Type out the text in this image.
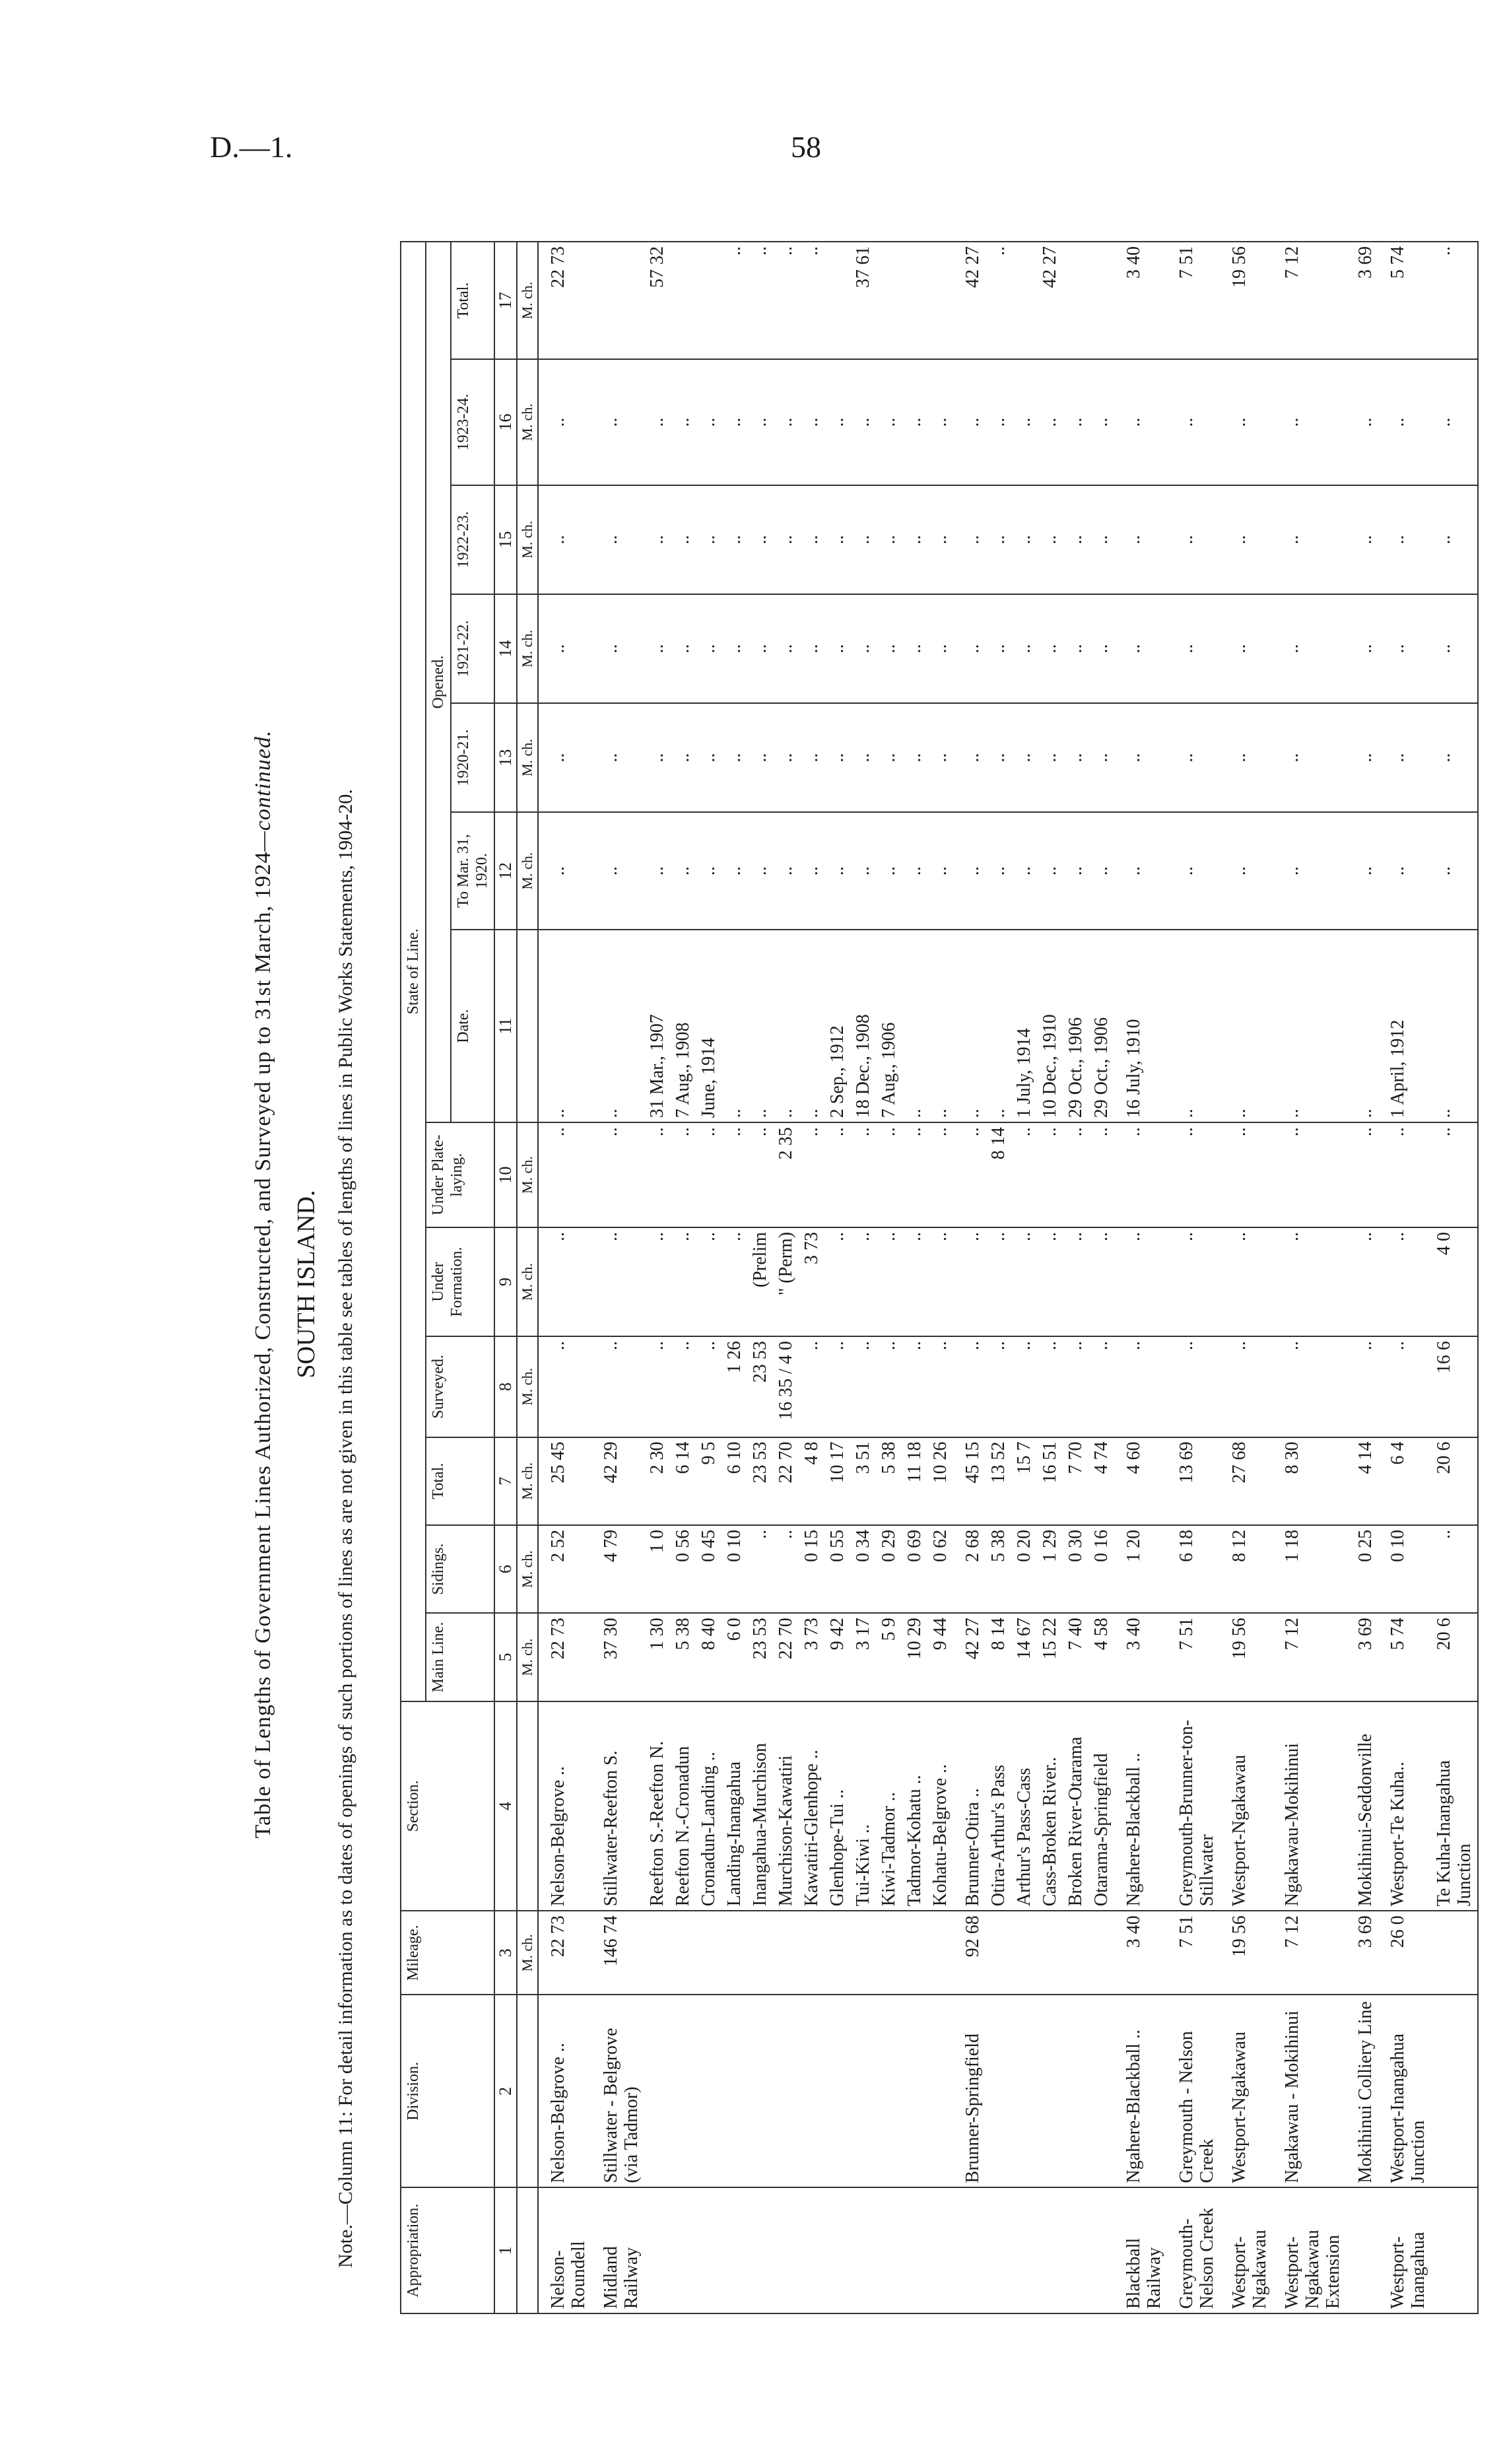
D.—1.	58
Table of Lengths of Government Lines Authorized, Constructed, and Surveyed up to 31st March, 1924—continued.
SOUTH ISLAND. Note.—Column 11: For detail information as to dates of openings of such portions of lines as are not given in this table see tables of lengths of lines in Public Works Statements, 1904-20.	Appropriation.	Division.	Mileage.	Section.	State of Line.												
				Main Line.	Sidings.	Total.	Surveyed.	Under Formation.	Under Plate-laying.	Opened.						
										Date.	To Mar. 31, 1920.	1920-21.	1921-22.	1922-23.	1923-24.	Total.
1	2	3	4	5	6	7	8	9	10	11	12	13	14	15	16	17
		M. ch.		M. ch.	M. ch.	M. ch.	M. ch.	M. ch.	M. ch.		M. ch.	M. ch.	M. ch.	M. ch.	M. ch.	M. ch.
Nelson-Roundell	Nelson-Belgrove ..	22 73	Nelson-Belgrove ..	22 73	2 52	25 45	..	..	..	..	..	..	..	..	..	22 73
Midland Railway	Stillwater - Belgrove (via Tadmor)	146 74	Stillwater-Reefton S.	37 30	4 79	42 29	..	..	..	..	..	..	..	..	..	
			Reefton S.-Reefton N.	1 30	1 0	2 30	..	..	..	31 Mar., 1907	..	..	..	..	..	57 32
			Reefton N.-Cronadun	5 38	0 56	6 14	..	..	..	7 Aug., 1908	..	..	..	..	..	
			Cronadun-Landing ..	8 40	0 45	9 5	..	..	..	June, 1914	..	..	..	..	..	
			Landing-Inangahua	6 0	0 10	6 10	1 26	..	..	..	..	..	..	..	..	..
			Inangahua-Murchison	23 53	..	23 53	23 53	(Prelim	..	..	..	..	..	..	..	..
			Murchison-Kawatiri	22 70	..	22 70	16 35 / 4 0	" (Perm)	2 35	..	..	..	..	..	..	..
			Kawatiri-Glenhope ..	3 73	0 15	4 8	..	3 73	..	..	..	..	..	..	..	..
			Glenhope-Tui ..	9 42	0 55	10 17	..	..	..	2 Sep., 1912	..	..	..	..	..	
			Tui-Kiwi ..	3 17	0 34	3 51	..	..	..	18 Dec., 1908	..	..	..	..	..	37 61
			Kiwi-Tadmor ..	5 9	0 29	5 38	..	..	..	7 Aug., 1906	..	..	..	..	..	
			Tadmor-Kohatu ..	10 29	0 69	11 18	..	..	..	..	..	..	..	..	..	
			Kohatu-Belgrove ..	9 44	0 62	10 26	..	..	..	..	..	..	..	..	..	
	Brunner-Springfield	92 68	Brunner-Otira ..	42 27	2 68	45 15	..	..	..	..	..	..	..	..	..	42 27
			Otira-Arthur's Pass	8 14	5 38	13 52	..	..	8 14	..	..	..	..	..	..	..
			Arthur's Pass-Cass	14 67	0 20	15 7	..	..	..	1 July, 1914	..	..	..	..	..	
			Cass-Broken River..	15 22	1 29	16 51	..	..	..	10 Dec., 1910	..	..	..	..	..	42 27
			Broken River-Otarama	7 40	0 30	7 70	..	..	..	29 Oct., 1906	..	..	..	..	..	
			Otarama-Springfield	4 58	0 16	4 74	..	..	..	29 Oct., 1906	..	..	..	..	..	
Blackball Railway	Ngahere-Blackball ..	3 40	Ngahere-Blackball ..	3 40	1 20	4 60	..	..	..	16 July, 1910	..	..	..	..	..	3 40
Greymouth-Nelson Creek	Greymouth - Nelson Creek	7 51	Greymouth-Brunner-ton-Stillwater	7 51	6 18	13 69	..	..	..	..	..	..	..	..	..	7 51
Westport-Ngakawau	Westport-Ngakawau	19 56	Westport-Ngakawau	19 56	8 12	27 68	..	..	..	..	..	..	..	..	..	19 56
Westport-Ngakawau Extension	Ngakawau - Mokihinui	7 12	Ngakawau-Mokihinui	7 12	1 18	8 30	..	..	..	..	..	..	..	..	..	7 12
	Mokihinui Colliery Line	3 69	Mokihinui-Seddonville	3 69	0 25	4 14	..	..	..	..	..	..	..	..	..	3 69
Westport-Inangahua	Westport-Inangahua Junction	26 0	Westport-Te Kuha..	5 74	0 10	6 4	..	..	..	1 April, 1912	..	..	..	..	..	5 74
			Te Kuha-Inangahua Junction	20 6	..	20 6	16 6	4 0	..	..	..	..	..	..	..	..
